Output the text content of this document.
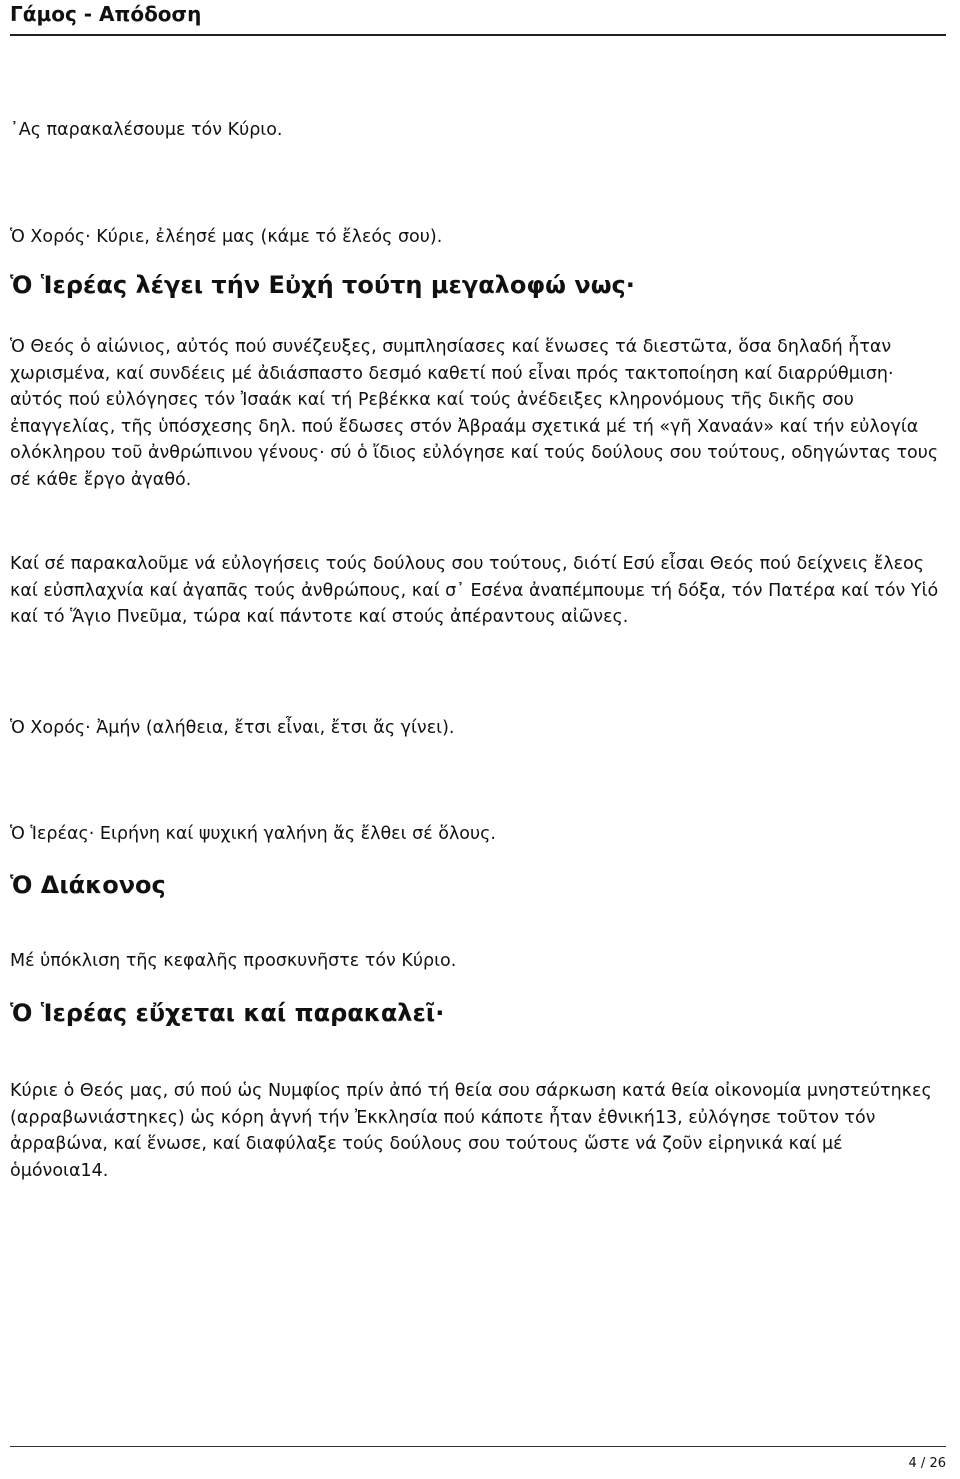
Γάμος - Απόδοση

᾿Ας παρακαλέσουμε τόν Κύριο.

Ὁ Χορός· Κύριε, ἐλέησέ μας (κάμε τό ἔλεός σου).

Ὁ Ἱερέας λέγει τήν Εὐχή τούτη μεγαλοφώ νως·

Ὁ Θεός ὁ αἰώνιος, αὐτός πού συνέζευξες, συμπλησίασες καί ἕνωσες τά διεστῶτα, ὅσα δηλαδή ἦταν χωρισμένα, καί συνδέεις μέ ἀδιάσπαστο δεσμό καθετί πού εἶναι πρός τακτοποίηση καί διαρρύθμιση· αὐτός πού εὐλόγησες τόν Ἰσαάκ καί τή Ρεβέκκα καί τούς ἀνέδειξες κληρονόμους τῆς δικῆς σου ἐπαγγελίας, τῆς ὑπόσχεσης δηλ. πού ἔδωσες στόν Ἀβραάμ σχετικά μέ τή «γῆ Χαναάν» καί τήν εὐλογία ολόκληρου τοῦ ἀνθρώπινου γένους· σύ ὁ ἴδιος εὐλόγησε καί τούς δούλους σου τούτους, οδηγώντας τους σέ κάθε ἔργο ἀγαθό.

Καί σέ παρακαλοῦμε νά εὐλογήσεις τούς δούλους σου τούτους, διότί Εσύ εἶσαι Θεός πού δείχνεις ἔλεος καί εὐσπλαχνία καί ἀγαπᾶς τούς ἀνθρώπους, καί σ᾿ Εσένα ἀναπέμπουμε τή δόξα, τόν Πατέρα καί τόν Υἱό καί τό Ἅγιο Πνεῦμα, τώρα καί πάντοτε καί στούς ἀπέραντους αἰῶνες.

Ὁ Χορός· Ἀμήν (αλήθεια, ἔτσι εἶναι, ἔτσι ἄς γίνει).

Ὁ Ἱερέας· Ειρήνη καί ψυχική γαλήνη ἄς ἔλθει σέ ὅλους.

Ὁ Διάκονος

Μέ ὑπόκλιση τῆς κεφαλῆς προσκυνῆστε τόν Κύριο.

Ὁ Ἱερέας εὔχεται καί παρακαλεῖ·

Κύριε ὁ Θεός μας, σύ πού ὡς Νυμφίος πρίν ἀπό τή θεία σου σάρκωση κατά θεία οἰκονομία μνηστεύτηκες (αρραβωνιάστηκες) ὡς κόρη ἁγνή τήν Ἐκκλησία πού κάποτε ἦταν ἐθνική13, εὐλόγησε τοῦτον τόν ἀρραβώνα, καί ἕνωσε, καί διαφύλαξε τούς δούλους σου τούτους ὥστε νά ζοῦν εἰρηνικά καί μέ ὁμόνοια14.

4 / 26
